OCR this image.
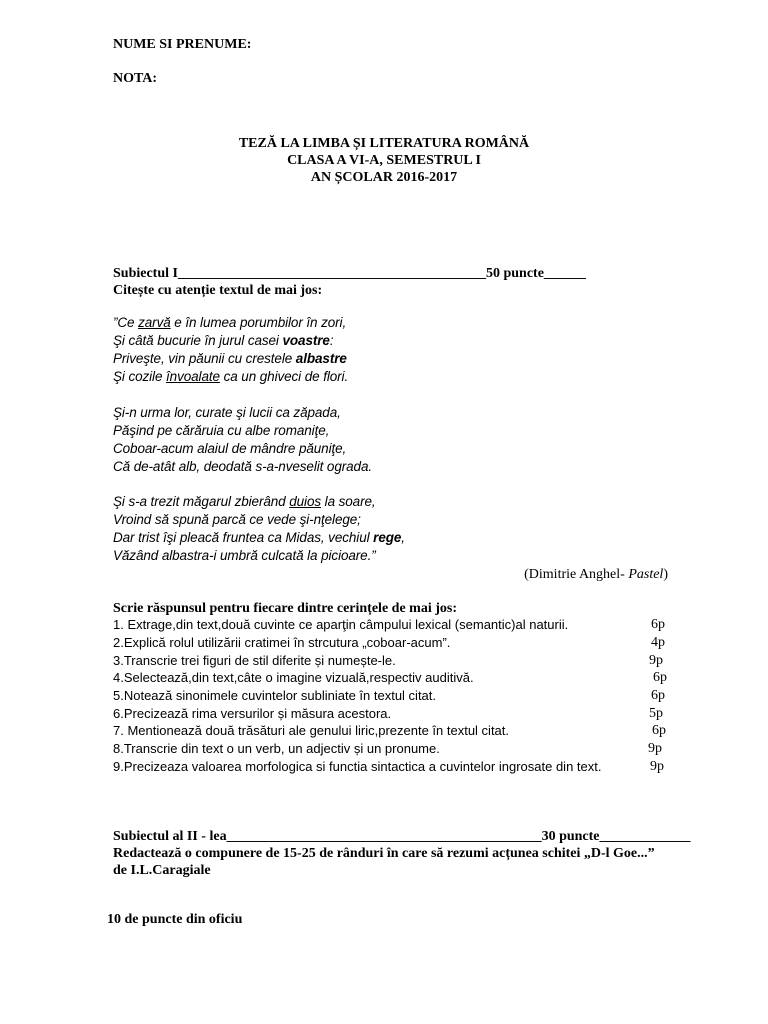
NUME SI PRENUME:
NOTA:
TEZĂ LA LIMBA ȘI LITERATURA ROMÂNĂ
CLASA A VI-A, SEMESTRUL I
AN ȘCOLAR 2016-2017
Subiectul I____________________________________________50 puncte______
Citește cu atenție textul de mai jos:
”Ce zarvă e în lumea porumbilor în zori,
Şi câtă bucurie în jurul casei voastre:
Priveşte, vin păunii cu crestele albastre
Şi cozile învoalate ca un ghiveci de flori.
Şi-n urma lor, curate şi lucii ca zăpada,
Păşind pe cărăruia cu albe romaniţe,
Coboar-acum alaiul de mândre păuniţe,
Că de-atât alb, deodată s-a-nveselit ograda.
Şi s-a trezit măgarul zbierând duios la soare,
Vroind să spună parcă ce vede şi-nţelege;
Dar trist îşi pleacă fruntea ca Midas, vechiul rege,
Văzând albastra-i umbră culcată la picioare.”
(Dimitrie Anghel- Pastel)
Scrie răspunsul pentru fiecare dintre cerințele de mai jos:
1. Extrage,din text,două cuvinte ce aparţin câmpului lexical (semantic)al naturii.	6p
2.Explică rolul utilizării cratimei în strcutura „coboar-acum”.	4p
3.Transcrie trei figuri de stil diferite și numește-le.	9p
4.Selectează,din text,câte o imagine vizuală,respectiv auditivă.	6p
5.Notează sinonimele cuvintelor subliniate în textul citat.	6p
6.Precizează rima versurilor și măsura acestora.	5p
7. Mentionează două trăsături ale genului liric,prezente în textul citat.	6p
8.Transcrie din text o un verb, un adjectiv și un pronume.	9p
9.Precizeaza valoarea morfologica si functia sintactica a cuvintelor ingrosate din text.	9p
Subiectul al II - lea_____________________________________________30 puncte_____________
Redactează o compunere de 15-25 de rânduri în care să rezumi acțunea schitei „D-l Goe...”
de I.L.Caragiale
10 de puncte din oficiu
